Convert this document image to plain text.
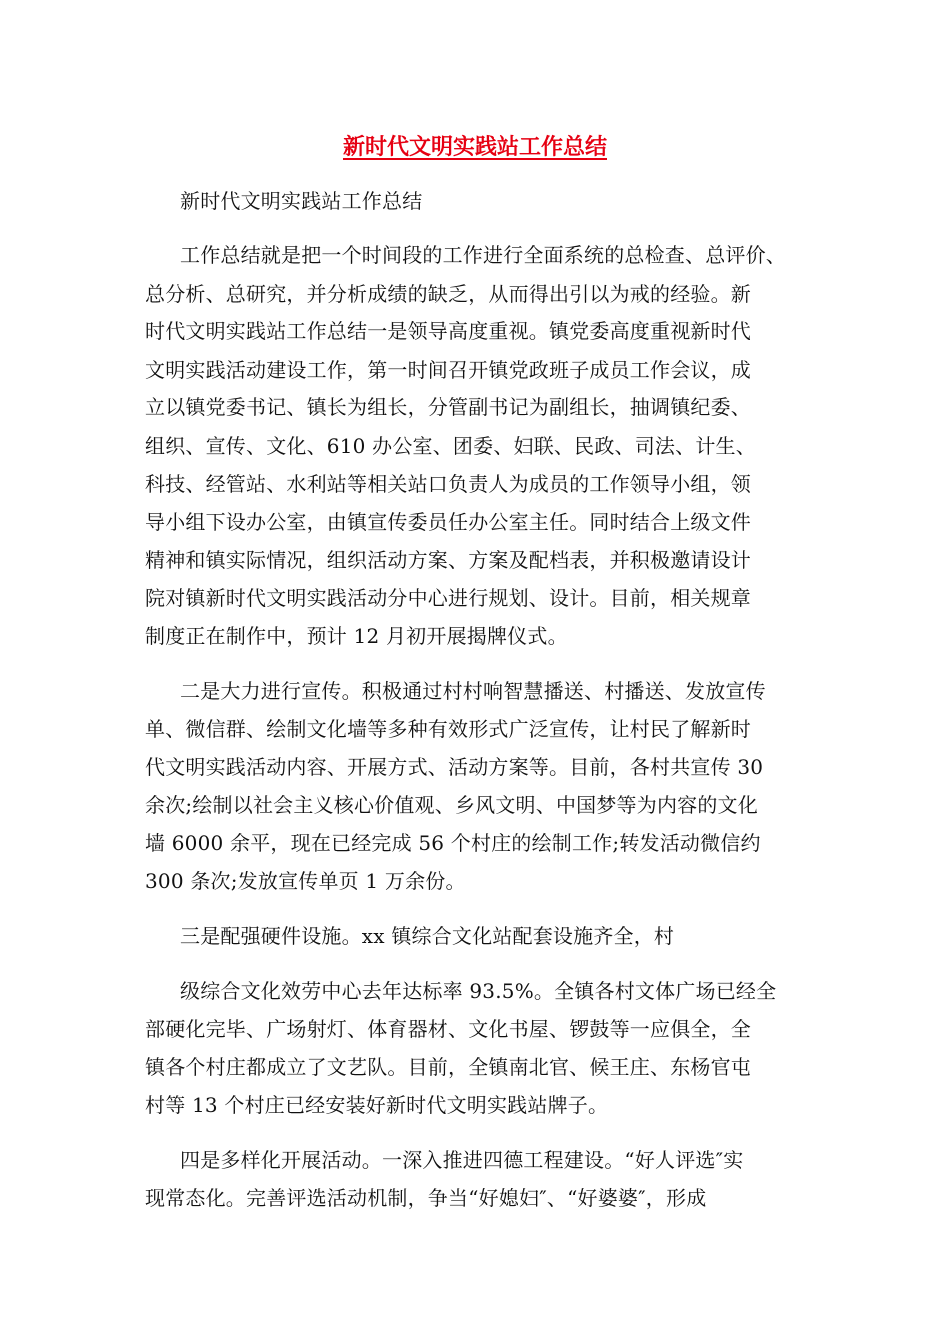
新时代文明实践站工作总结
新时代文明实践站工作总结
工作总结就是把一个时间段的工作进行全面系统的总检查、总评价、
总分析、总研究，并分析成绩的缺乏，从而得出引以为戒的经验。新
时代文明实践站工作总结一是领导高度重视。镇党委高度重视新时代
文明实践活动建设工作，第一时间召开镇党政班子成员工作会议，成
立以镇党委书记、镇长为组长，分管副书记为副组长，抽调镇纪委、
组织、宣传、文化、610 办公室、团委、妇联、民政、司法、计生、
科技、经管站、水利站等相关站口负责人为成员的工作领导小组，领
导小组下设办公室，由镇宣传委员任办公室主任。同时结合上级文件
精神和镇实际情况，组织活动方案、方案及配档表，并积极邀请设计
院对镇新时代文明实践活动分中心进行规划、设计。目前，相关规章
制度正在制作中，预计 12 月初开展揭牌仪式。
二是大力进行宣传。积极通过村村响智慧播送、村播送、发放宣传
单、微信群、绘制文化墙等多种有效形式广泛宣传，让村民了解新时
代文明实践活动内容、开展方式、活动方案等。目前，各村共宣传 30
余次;绘制以社会主义核心价值观、乡风文明、中国梦等为内容的文化
墙 6000 余平，现在已经完成 56 个村庄的绘制工作;转发活动微信约
300 条次;发放宣传单页 1 万余份。
三是配强硬件设施。xx 镇综合文化站配套设施齐全，村
级综合文化效劳中心去年达标率 93.5%。全镇各村文体广场已经全
部硬化完毕、广场射灯、体育器材、文化书屋、锣鼓等一应俱全，全
镇各个村庄都成立了文艺队。目前，全镇南北官、候王庄、东杨官屯
村等 13 个村庄已经安装好新时代文明实践站牌子。
四是多样化开展活动。一深入推进四德工程建设。“好人评选″实
现常态化。完善评选活动机制，争当“好媳妇″、“好婆婆″，形成
